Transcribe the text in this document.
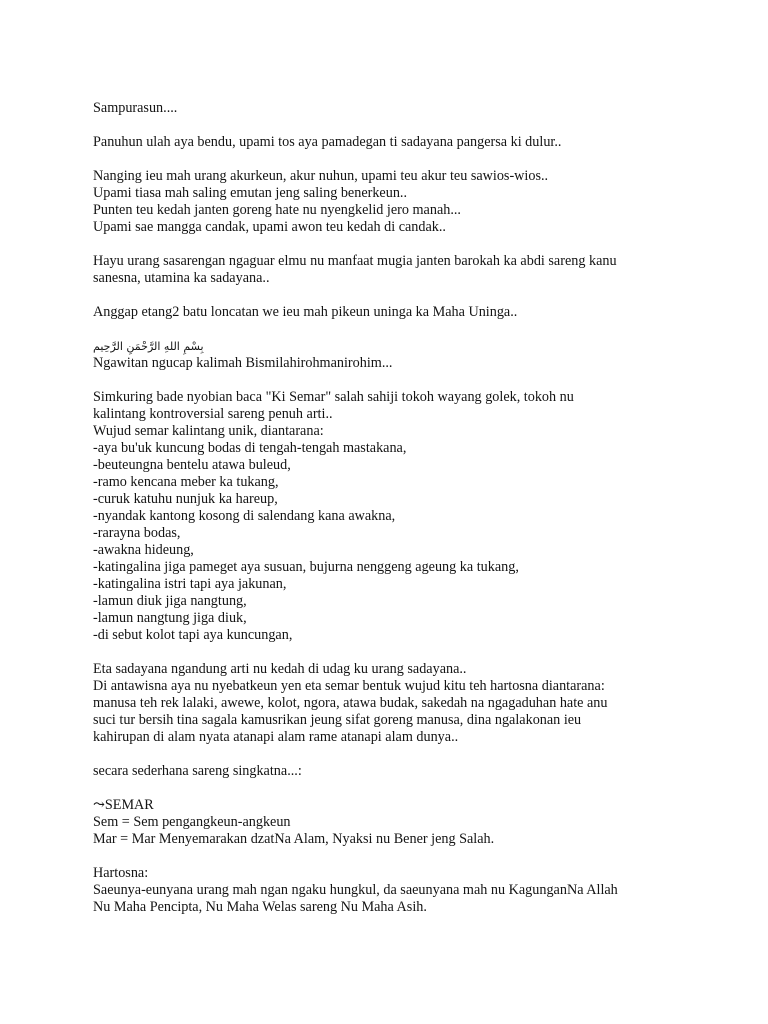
Sampurasun....
Panuhun ulah aya bendu, upami tos aya pamadegan ti sadayana pangersa ki dulur..
Nanging ieu mah urang akurkeun, akur nuhun, upami teu akur teu sawios-wios..
Upami tiasa mah saling emutan jeng saling benerkeun..
Punten teu kedah janten goreng hate nu nyengkelid jero manah...
Upami sae mangga candak, upami awon teu kedah di candak..
Hayu urang sasarengan ngaguar elmu nu manfaat mugia janten barokah ka abdi sareng kanu
sanesna, utamina ka sadayana..
Anggap etang2 batu loncatan we ieu mah pikeun uninga ka Maha Uninga..
بِسْمِ اللهِ الرَّحْمَنِ الرَّحِيم
Ngawitan ngucap kalimah Bismilahirohmanirohim...
Simkuring bade nyobian baca "Ki Semar" salah sahiji tokoh wayang golek, tokoh nu
kalintang kontroversial sareng penuh arti..
Wujud semar kalintang unik, diantarana:
-aya bu'uk kuncung bodas di tengah-tengah mastakana,
-beuteungna bentelu atawa buleud,
-ramo kencana meber ka tukang,
-curuk katuhu nunjuk ka hareup,
-nyandak kantong kosong di salendang kana awakna,
-rarayna bodas,
-awakna hideung,
-katingalina jiga pameget aya susuan, bujurna nenggeng ageung ka tukang,
-katingalina istri tapi aya jakunan,
-lamun diuk jiga nangtung,
-lamun nangtung jiga diuk,
-di sebut kolot tapi aya kuncungan,
Eta sadayana ngandung arti nu kedah di udag ku urang sadayana..
Di antawisna aya nu nyebatkeun yen eta semar bentuk wujud kitu teh hartosna diantarana:
manusa teh rek lalaki, awewe, kolot, ngora, atawa budak, sakedah na ngagaduhan hate anu
suci tur bersih tina sagala kamusrikan jeung sifat goreng manusa, dina ngalakonan ieu
kahirupan di alam nyata atanapi alam rame atanapi alam dunya..
secara sederhana sareng singkatna...:
⤳SEMAR
Sem = Sem pengangkeun-angkeun
Mar = Mar Menyemarakan dzatNa Alam, Nyaksi nu Bener jeng Salah.
Hartosna:
Saeunya-eunyana urang mah ngan ngaku hungkul, da saeunyana mah nu KagunganNa Allah
Nu Maha Pencipta, Nu Maha Welas sareng Nu Maha Asih.
